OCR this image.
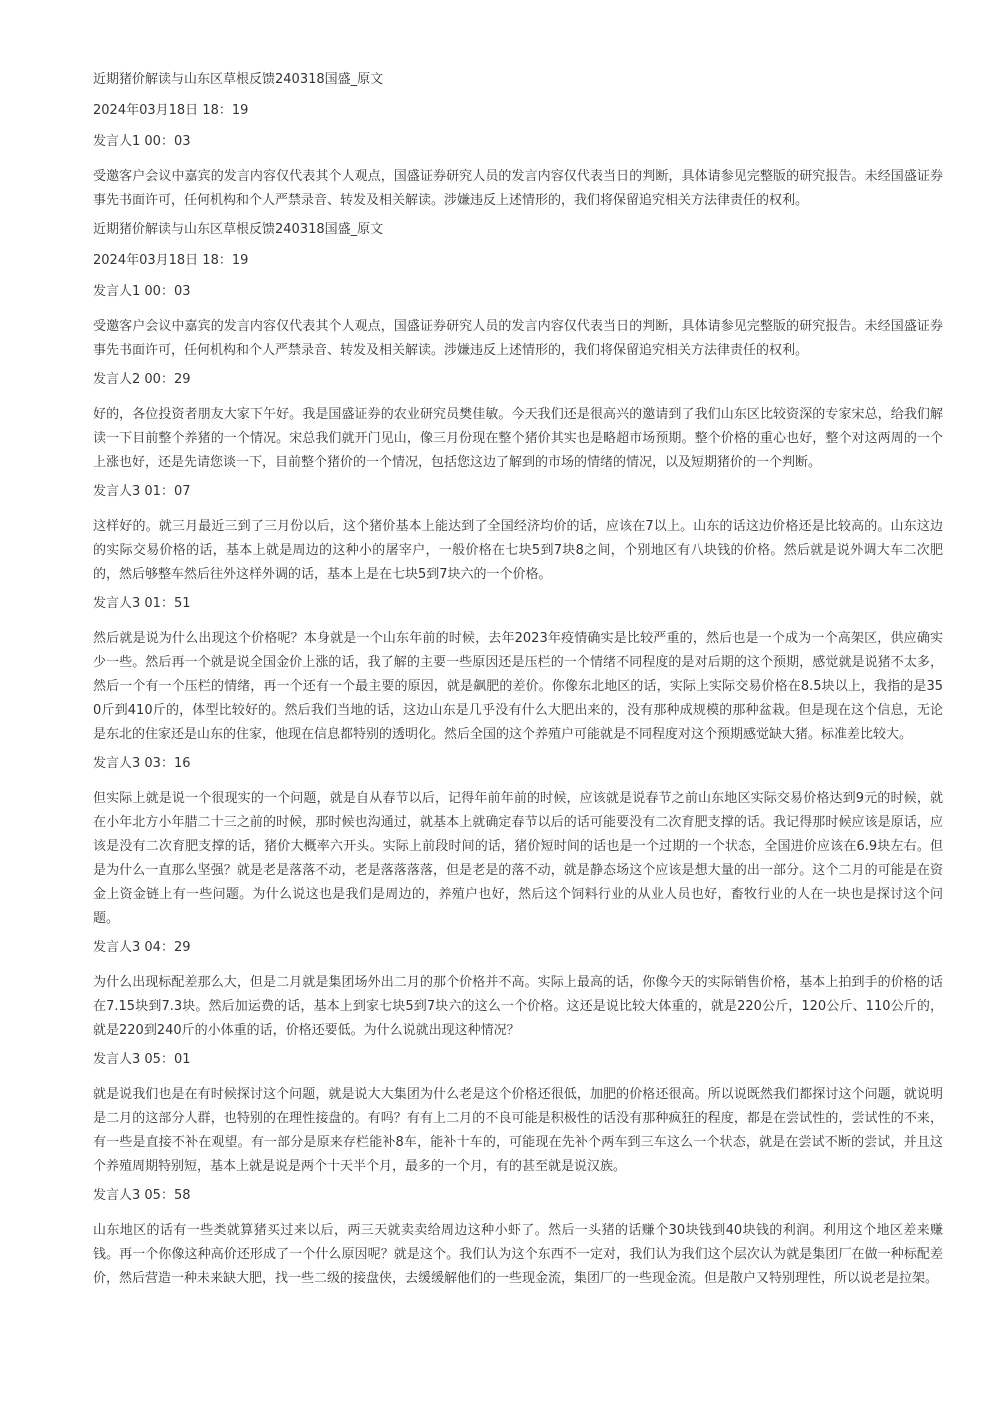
近期猪价解读与山东区草根反馈240318国盛_原文
2024年03月18日 18：19
发言人1 00：03
受邀客户会议中嘉宾的发言内容仅代表其个人观点，国盛证券研究人员的发言内容仅代表当日的判断，具体请参见完整版的研究报告。未经国盛证券事先书面许可，任何机构和个人严禁录音、转发及相关解读。涉嫌违反上述情形的，我们将保留追究相关方法律责任的权利。
近期猪价解读与山东区草根反馈240318国盛_原文
2024年03月18日 18：19
发言人1 00：03
受邀客户会议中嘉宾的发言内容仅代表其个人观点，国盛证券研究人员的发言内容仅代表当日的判断，具体请参见完整版的研究报告。未经国盛证券事先书面许可，任何机构和个人严禁录音、转发及相关解读。涉嫌违反上述情形的，我们将保留追究相关方法律责任的权利。
发言人2 00：29
好的，各位投资者朋友大家下午好。我是国盛证券的农业研究员樊佳敏。今天我们还是很高兴的邀请到了我们山东区比较资深的专家宋总，给我们解读一下目前整个养猪的一个情况。宋总我们就开门见山，像三月份现在整个猪价其实也是略超市场预期。整个价格的重心也好，整个对这两周的一个上涨也好，还是先请您谈一下，目前整个猪价的一个情况，包括您这边了解到的市场的情绪的情况，以及短期猪价的一个判断。
发言人3 01：07
这样好的。就三月最近三到了三月份以后，这个猪价基本上能达到了全国经济均价的话，应该在7以上。山东的话这边价格还是比较高的。山东这边的实际交易价格的话，基本上就是周边的这种小的屠宰户，一般价格在七块5到7块8之间，个别地区有八块钱的价格。然后就是说外调大车二次肥的，然后够整车然后往外这样外调的话，基本上是在七块5到7块六的一个价格。
发言人3 01：51
然后就是说为什么出现这个价格呢？本身就是一个山东年前的时候，去年2023年疫情确实是比较严重的，然后也是一个成为一个高架区，供应确实少一些。然后再一个就是说全国金价上涨的话，我了解的主要一些原因还是压栏的一个情绪不同程度的是对后期的这个预期，感觉就是说猪不太多，然后一个有一个压栏的情绪，再一个还有一个最主要的原因，就是飙肥的差价。你像东北地区的话，实际上实际交易价格在8.5块以上，我指的是350斤到410斤的，体型比较好的。然后我们当地的话，这边山东是几乎没有什么大肥出来的，没有那种成规模的那种盆栽。但是现在这个信息，无论是东北的住家还是山东的住家，他现在信息都特别的透明化。然后全国的这个养殖户可能就是不同程度对这个预期感觉缺大猪。标准差比较大。
发言人3 03：16
但实际上就是说一个很现实的一个问题，就是自从春节以后，记得年前年前的时候，应该就是说春节之前山东地区实际交易价格达到9元的时候，就在小年北方小年腊二十三之前的时候，那时候也沟通过，就基本上就确定春节以后的话可能要没有二次育肥支撑的话。我记得那时候应该是原话，应该是没有二次育肥支撑的话，猪价大概率六开头。实际上前段时间的话，猪价短时间的话也是一个过期的一个状态，全国进价应该在6.9块左右。但是为什么一直那么坚强？就是老是落落不动，老是落落落落，但是老是的落不动，就是静态场这个应该是想大量的出一部分。这个二月的可能是在资金上资金链上有一些问题。为什么说这也是我们是周边的，养殖户也好，然后这个饲料行业的从业人员也好，畜牧行业的人在一块也是探讨这个问题。
发言人3 04：29
为什么出现标配差那么大，但是二月就是集团场外出二月的那个价格并不高。实际上最高的话，你像今天的实际销售价格，基本上拍到手的价格的话在7.15块到7.3块。然后加运费的话，基本上到家七块5到7块六的这么一个价格。这还是说比较大体重的，就是220公斤，120公斤、110公斤的，就是220到240斤的小体重的话，价格还要低。为什么说就出现这种情况？
发言人3 05：01
就是说我们也是在有时候探讨这个问题，就是说大大集团为什么老是这个价格还很低，加肥的价格还很高。所以说既然我们都探讨这个问题，就说明是二月的这部分人群，也特别的在理性接盘的。有吗？有有上二月的不良可能是积极性的话没有那种疯狂的程度，都是在尝试性的，尝试性的不来，有一些是直接不补在观望。有一部分是原来存栏能补8车，能补十车的，可能现在先补个两车到三车这么一个状态，就是在尝试不断的尝试，并且这个养殖周期特别短，基本上就是说是两个十天半个月，最多的一个月，有的甚至就是说汉族。
发言人3 05：58
山东地区的话有一些类就算猪买过来以后，两三天就卖卖给周边这种小虾了。然后一头猪的话赚个30块钱到40块钱的利润。利用这个地区差来赚钱。再一个你像这种高价还形成了一个什么原因呢？就是这个。我们认为这个东西不一定对，我们认为我们这个层次认为就是集团厂在做一种标配差价，然后营造一种未来缺大肥，找一些二级的接盘侠，去缓缓解他们的一些现金流，集团厂的一些现金流。但是散户又特别理性，所以说老是拉架。
